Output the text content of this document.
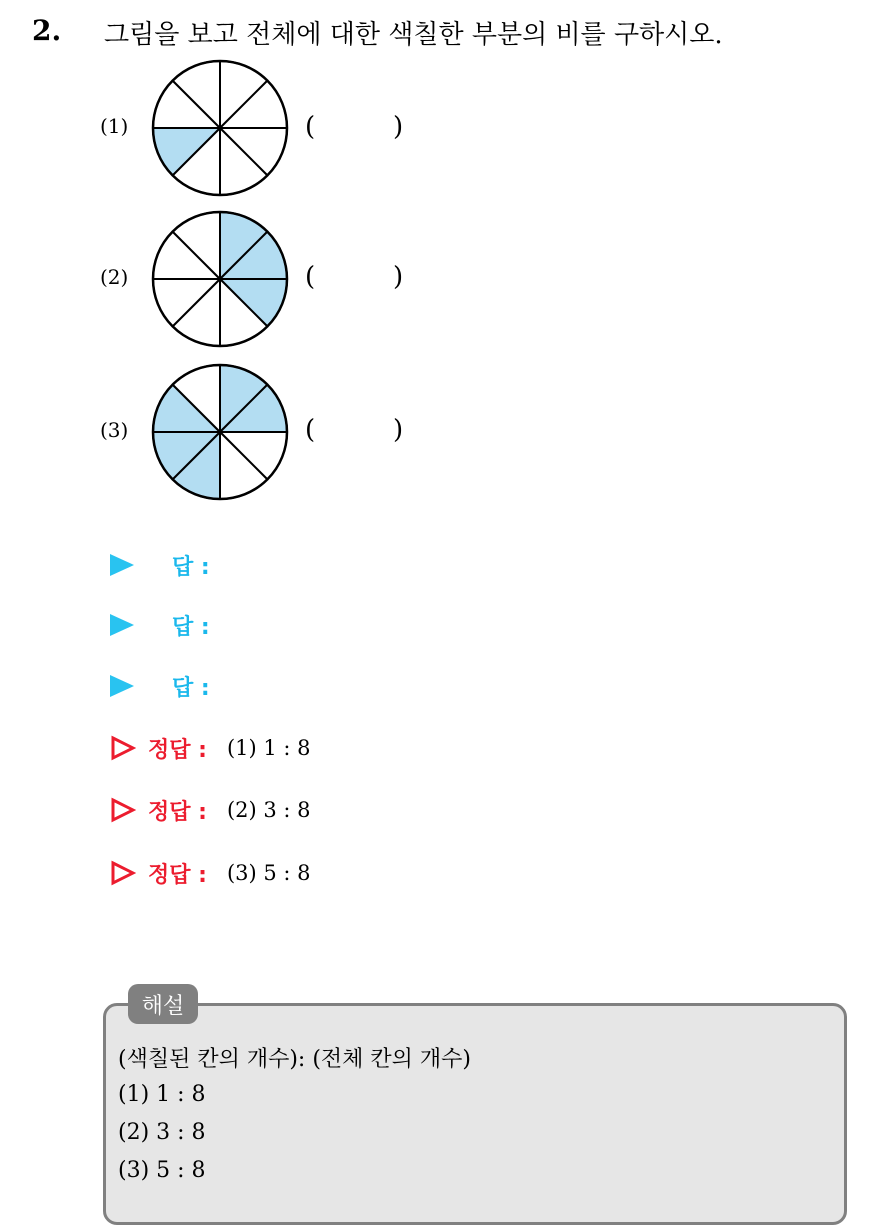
2. 그림을 보고 전체에 대한 색칠한 부분의 비를 구하시오.
(1)	(	)
(2)	(	)
(3)	(	)
답 :
답 :
답 :
정답 : (1) 1 : 8
정답 : (2) 3 : 8
정답 : (3) 5 : 8
해설
(색칠된 칸의 개수): (전체 칸의 개수)
(1) 1 : 8
(2) 3 : 8
(3) 5 : 8
